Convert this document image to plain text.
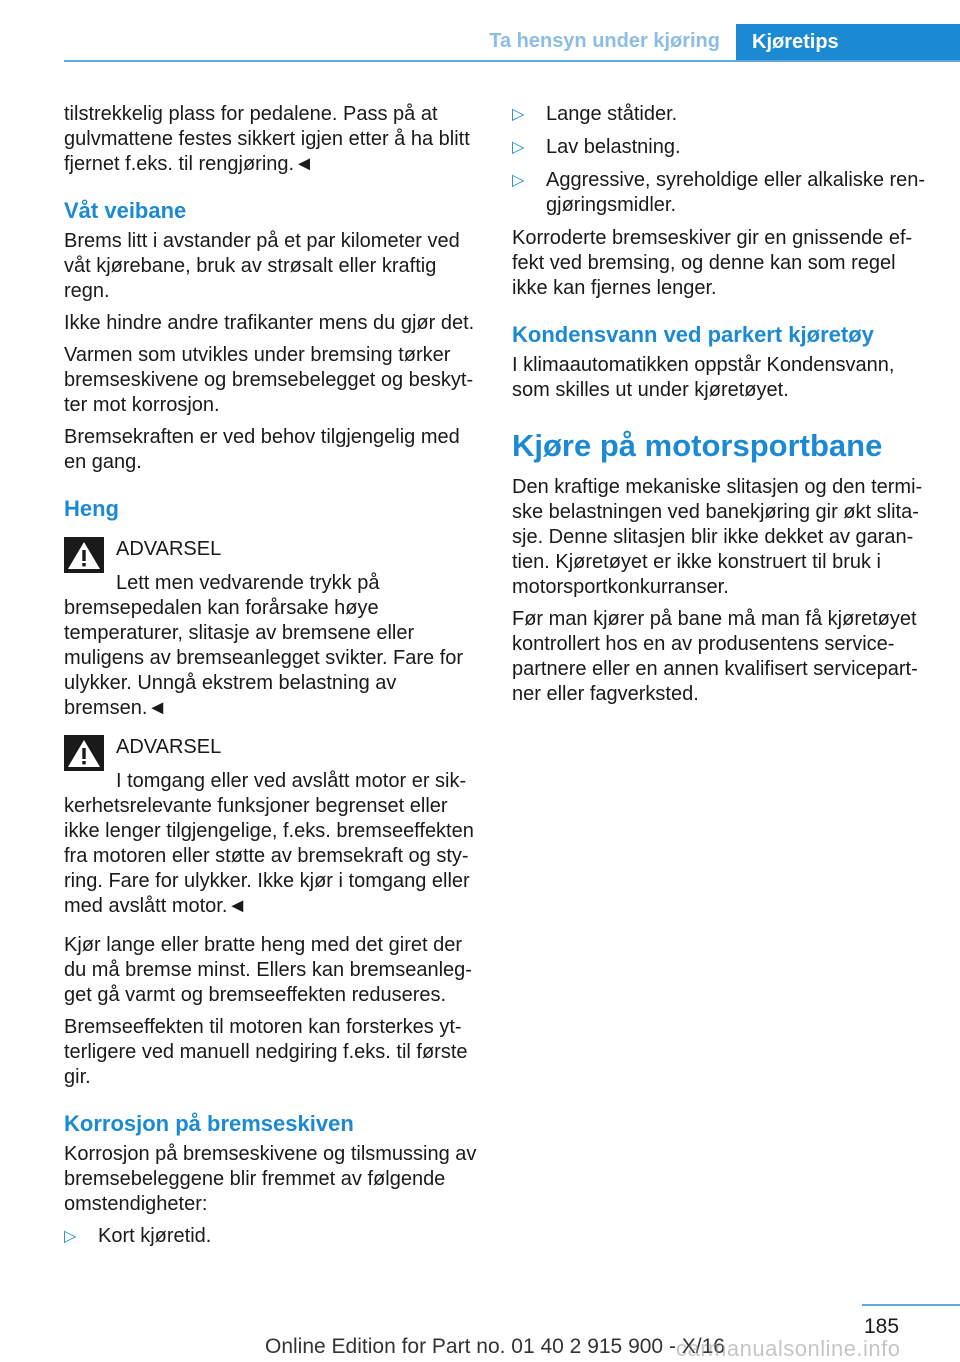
Ta hensyn under kjøring	Kjøretips

tilstrekkelig plass for pedalene. Pass på at gulvmattene festes sikkert igjen etter å ha blitt fjernet f.eks. til rengjøring.◄

Våt veibane

Brems litt i avstander på et par kilometer ved våt kjørebane, bruk av strøsalt eller kraftig regn.

Ikke hindre andre trafikanter mens du gjør det.

Varmen som utvikles under bremsing tørker bremseskivene og bremsebelegget og beskytter mot korrosjon.

Bremsekraften er ved behov tilgjengelig med en gang.

Heng
ADVARSEL
Lett men vedvarende trykk på bremsepedalen kan forårsake høye temperaturer, slitasje av bremsene eller muligens av bremseanlegget svikter. Fare for ulykker. Unngå ekstrem belastning av bremsen.◄
ADVARSEL
I tomgang eller ved avslått motor er sikkerhetsrelevante funksjoner begrenset eller ikke lenger tilgjengelige, f.eks. bremseeffekten fra motoren eller støtte av bremsekraft og styring. Fare for ulykker. Ikke kjør i tomgang eller med avslått motor.◄

Kjør lange eller bratte heng med det giret der du må bremse minst. Ellers kan bremseanlegget gå varmt og bremseeffekten reduseres.

Bremseeffekten til motoren kan forsterkes ytterligere ved manuell nedgiring f.eks. til første gir.

Korrosjon på bremseskiven

Korrosjon på bremseskivene og tilsmussing av bremsebeleggene blir fremmet av følgende omstendigheter:

▷ Kort kjøretid.
▷ Lange ståtider.
▷ Lav belastning.
▷ Aggressive, syreholdige eller alkaliske rengjøringsmidler.

Korroderte bremseskiver gir en gnissende effekt ved bremsing, og denne kan som regel ikke kan fjernes lenger.

Kondensvann ved parkert kjøretøy

I klimaautomatikken oppstår Kondensvann, som skilles ut under kjøretøyet.

Kjøre på motorsportbane

Den kraftige mekaniske slitasjen og den termiske belastningen ved banekjøring gir økt slitasje. Denne slitasjen blir ikke dekket av garantien. Kjøretøyet er ikke konstruert til bruk i motorsportkonkurranser.

Før man kjører på bane må man få kjøretøyet kontrollert hos en av produsentens servicepartnere eller en annen kvalifisert servicepartner eller fagverksted.

185
Online Edition for Part no. 01 40 2 915 900 - X/16
carmanualsonline.info
